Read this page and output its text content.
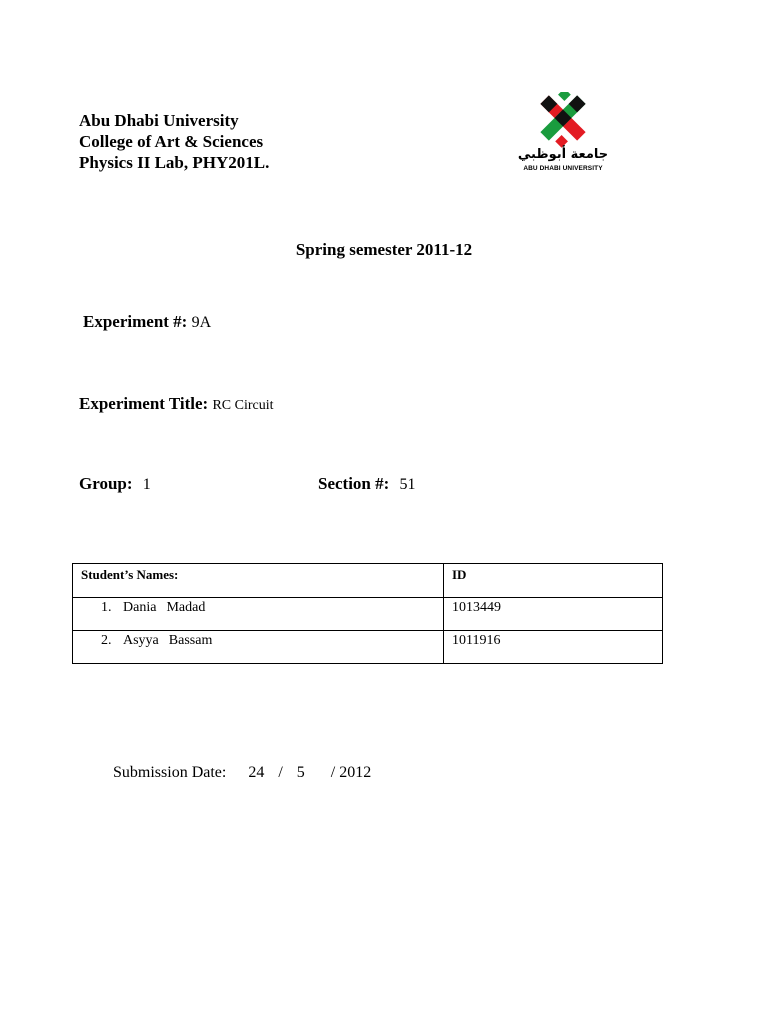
Abu Dhabi University
College of Art & Sciences
Physics II Lab, PHY201L.	جامعة أبوظبي
ABU DHABI UNIVERSITY
Spring semester 2011-12
Experiment #: 9A
Experiment Title: RC Circuit
Group: 1	Section #: 51
Student’s Names:	ID
1. Dania Madad	1013449
2. Asyya Bassam	1011916
Submission Date: 24 / 5 / 2012
